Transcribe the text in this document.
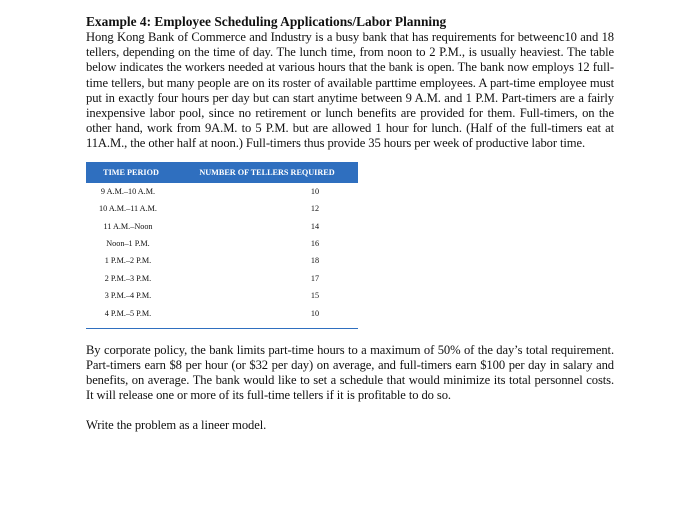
Example 4: Employee Scheduling Applications/Labor Planning

Hong Kong Bank of Commerce and Industry is a busy bank that has requirements for betweenc10 and 18 tellers, depending on the time of day. The lunch time, from noon to 2 P.M., is usually heaviest. The table below indicates the workers needed at various hours that the bank is open. The bank now employs 12 full-time tellers, but many people are on its roster of available parttime employees. A part-time employee must put in exactly four hours per day but can start anytime between 9 A.M. and 1 P.M. Part-timers are a fairly inexpensive labor pool, since no retirement or lunch benefits are provided for them. Full-timers, on the other hand, work from 9A.M. to 5 P.M. but are allowed 1 hour for lunch. (Half of the full-timers eat at 11A.M., the other half at noon.) Full-timers thus provide 35 hours per week of productive labor time.

TIME PERIOD	NUMBER OF TELLERS REQUIRED
9 A.M.–10 A.M.	10
10 A.M.–11 A.M.	12
11 A.M.–Noon	14
Noon–1 P.M.	16
1 P.M.–2 P.M.	18
2 P.M.–3 P.M.	17
3 P.M.–4 P.M.	15
4 P.M.–5 P.M.	10

By corporate policy, the bank limits part-time hours to a maximum of 50% of the day’s total requirement. Part-timers earn $8 per hour (or $32 per day) on average, and full-timers earn $100 per day in salary and benefits, on average. The bank would like to set a schedule that would minimize its total personnel costs. It will release one or more of its full-time tellers if it is profitable to do so.

Write the problem as a lineer model.
